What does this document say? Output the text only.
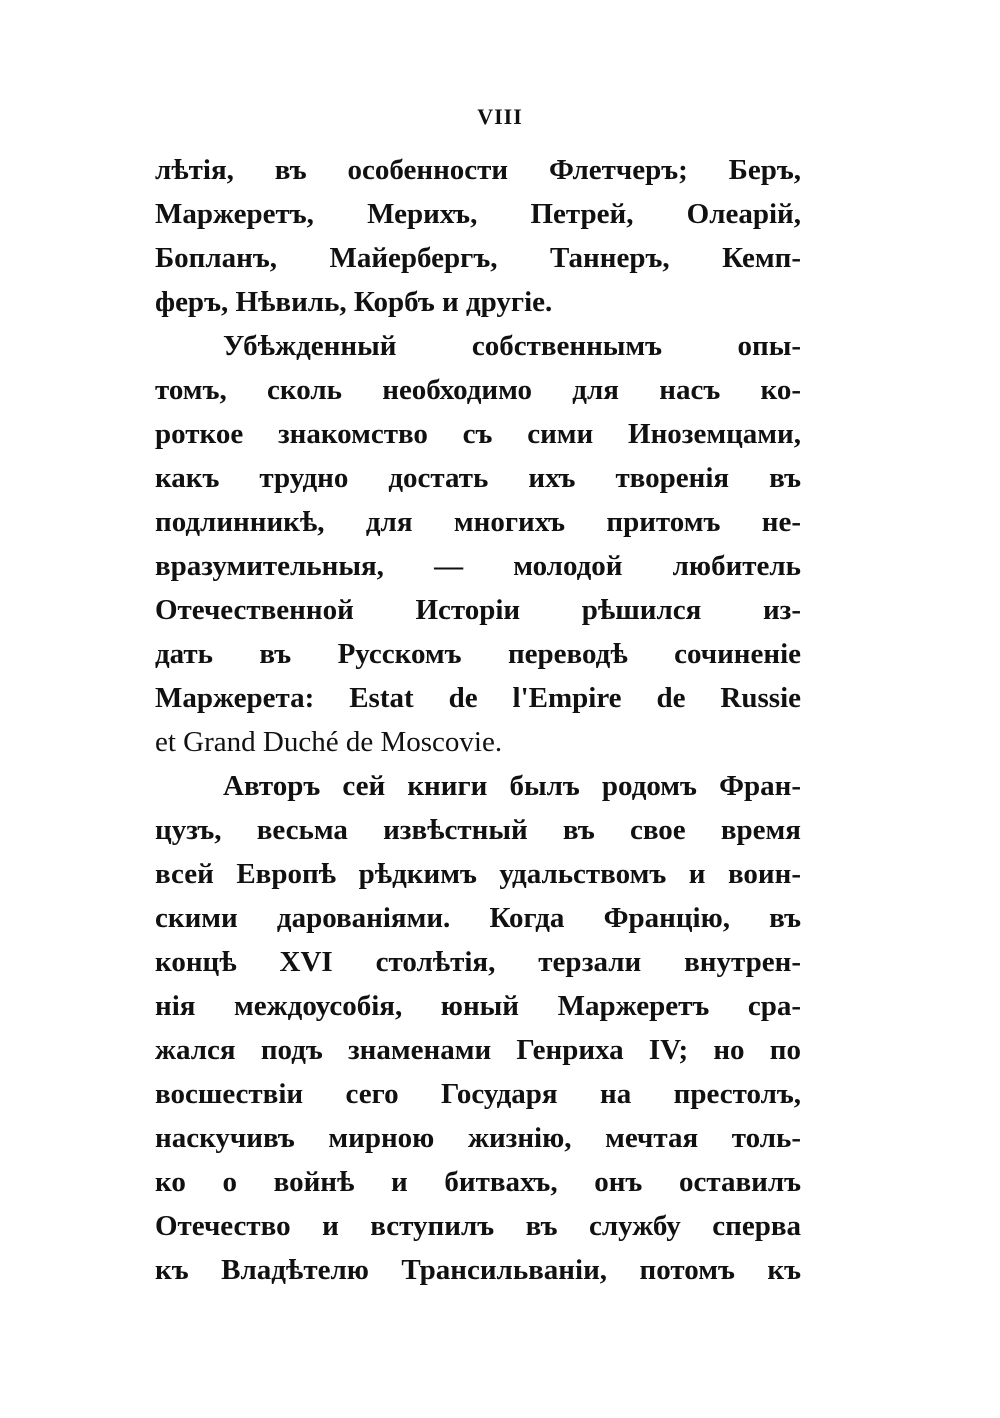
VIII
лѣтія, въ особенности Флетчеръ; Беръ,
Маржеретъ, Мерихъ, Петрей, Олеарій,
Бопланъ, Майербергъ, Таннеръ, Кемп-
феръ, Нѣвиль, Корбъ и другіе.
Убѣжденный собственнымъ опы-
томъ, сколь необходимо для насъ ко-
роткое знакомство съ сими Иноземцами,
какъ трудно достать ихъ творенія въ
подлинникѣ, для многихъ притомъ не-
вразумительныя, — молодой любитель
Отечественной Исторіи рѣшился из-
дать въ Русскомъ переводѣ сочиненіе
Маржерета: Estat de l'Empire de Russie
et Grand Duché de Moscovie.
Авторъ сей книги былъ родомъ Фран-
цузъ, весьма извѣстный въ свое время
всей Европѣ рѣдкимъ удальствомъ и воин-
скими дарованіями. Когда Францію, въ
концѣ XVI столѣтія, терзали внутрен-
нія междоусобія, юный Маржеретъ сра-
жался подъ знаменами Генриха IV; но по
восшествіи сего Государя на престолъ,
наскучивъ мирною жизнію, мечтая толь-
ко о войнѣ и битвахъ, онъ оставилъ
Отечество и вступилъ въ службу сперва
къ Владѣтелю Трансильваніи, потомъ къ
